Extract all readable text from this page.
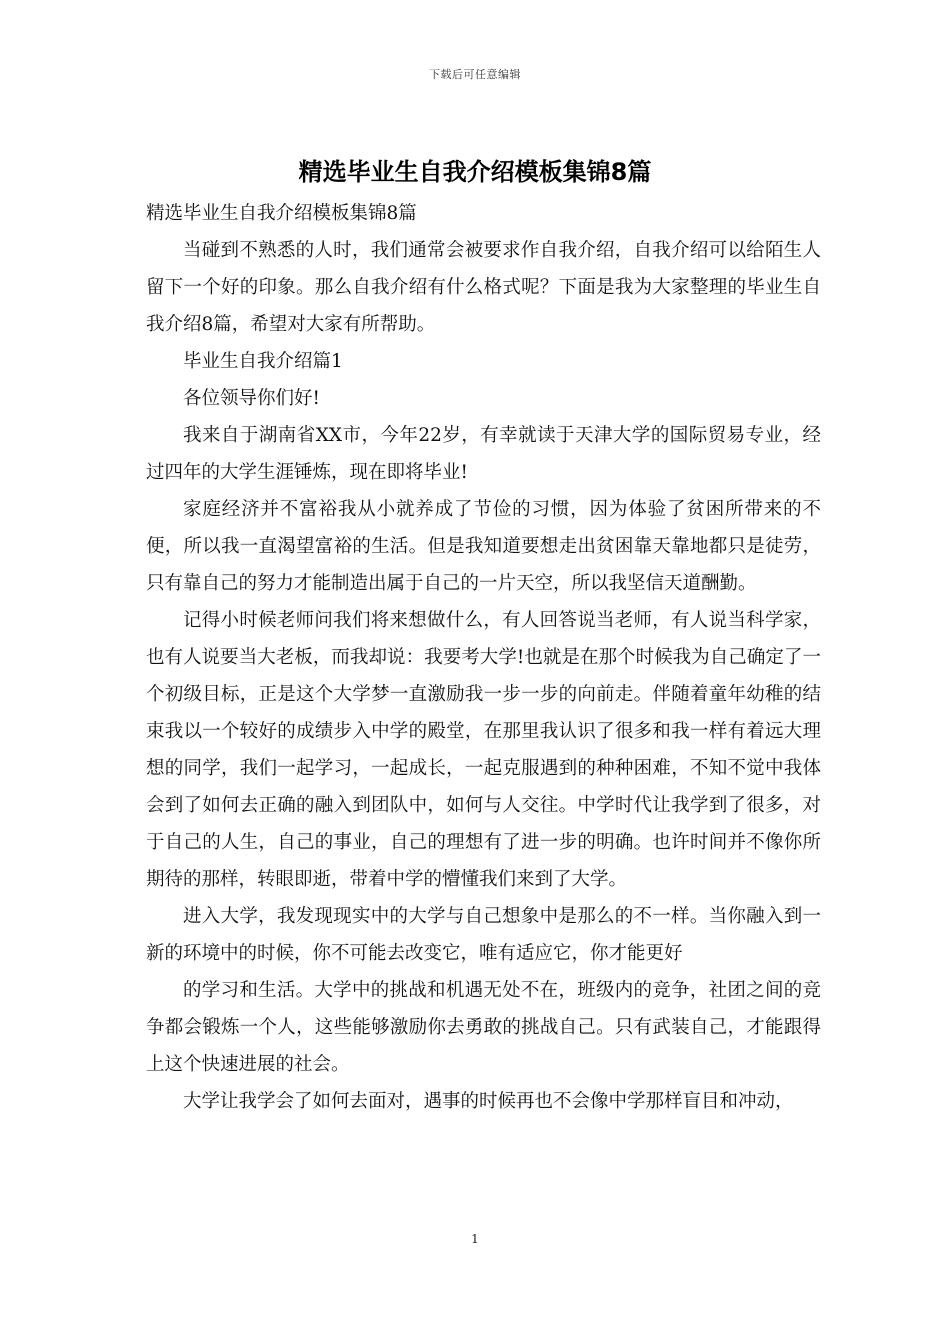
下载后可任意编辑
精选毕业生自我介绍模板集锦8篇

精选毕业生自我介绍模板集锦8篇

当碰到不熟悉的人时，我们通常会被要求作自我介绍，自我介绍可以给陌生人留下一个好的印象。那么自我介绍有什么格式呢？下面是我为大家整理的毕业生自我介绍8篇，希望对大家有所帮助。

毕业生自我介绍篇1

各位领导你们好!

我来自于湖南省XX市，今年22岁，有幸就读于天津大学的国际贸易专业，经过四年的大学生涯锤炼，现在即将毕业!

家庭经济并不富裕我从小就养成了节俭的习惯，因为体验了贫困所带来的不便，所以我一直渴望富裕的生活。但是我知道要想走出贫困靠天靠地都只是徒劳，只有靠自己的努力才能制造出属于自己的一片天空，所以我坚信天道酬勤。

记得小时候老师问我们将来想做什么，有人回答说当老师，有人说当科学家，也有人说要当大老板，而我却说：我要考大学!也就是在那个时候我为自己确定了一个初级目标，正是这个大学梦一直激励我一步一步的向前走。伴随着童年幼稚的结束我以一个较好的成绩步入中学的殿堂，在那里我认识了很多和我一样有着远大理想的同学，我们一起学习，一起成长，一起克服遇到的种种困难，不知不觉中我体会到了如何去正确的融入到团队中，如何与人交往。中学时代让我学到了很多，对于自己的人生，自己的事业，自己的理想有了进一步的明确。也许时间并不像你所期待的那样，转眼即逝，带着中学的懵懂我们来到了大学。

进入大学，我发现现实中的大学与自己想象中是那么的不一样。当你融入到一新的环境中的时候，你不可能去改变它，唯有适应它，你才能更好

的学习和生活。大学中的挑战和机遇无处不在，班级内的竞争，社团之间的竞争都会锻炼一个人，这些能够激励你去勇敢的挑战自己。只有武装自己，才能跟得上这个快速进展的社会。

大学让我学会了如何去面对，遇事的时候再也不会像中学那样盲目和冲动，

1
